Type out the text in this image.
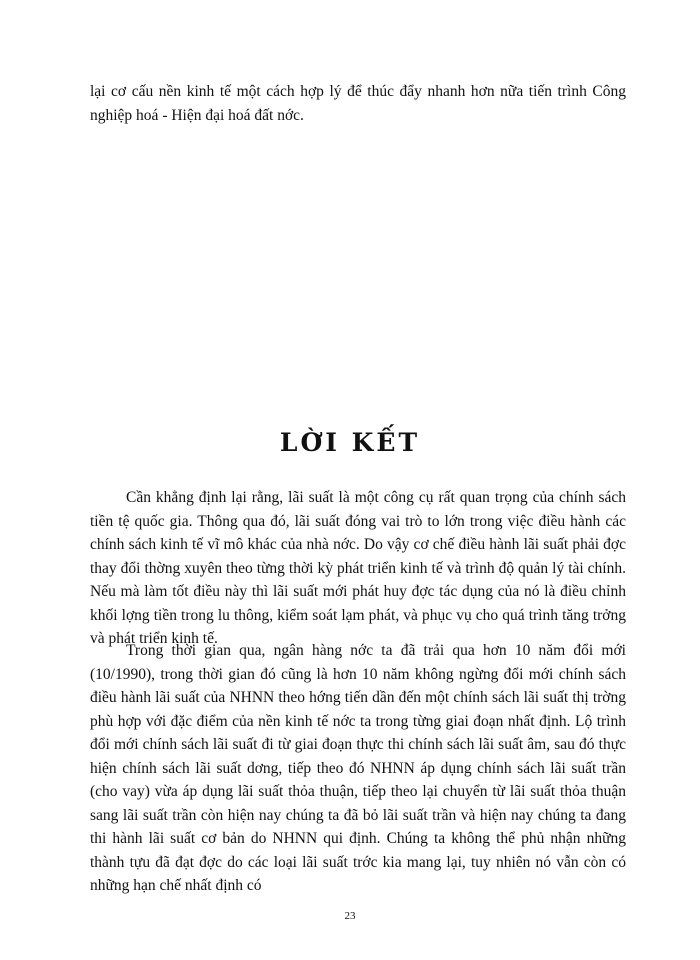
lại cơ cấu nền kinh tế một cách hợp lý để thúc đẩy nhanh hơn nữa tiến trình Công nghiệp hoá - Hiện đại hoá đất nớc.

LỜI KẾT

Cần khẳng định lại rằng, lãi suất là một công cụ rất quan trọng của chính sách tiền tệ quốc gia. Thông qua đó, lãi suất đóng vai trò to lớn trong việc điều hành các chính sách kinh tế vĩ mô khác của nhà nớc. Do vậy cơ chế điều hành lãi suất phải đợc thay đổi thờng xuyên theo từng thời kỳ phát triển kinh tế và trình độ quản lý tài chính. Nếu mà làm tốt điều này thì lãi suất mới phát huy đợc tác dụng của nó là điều chỉnh khối lợng tiền trong lu thông, kiểm soát lạm phát, và phục vụ cho quá trình tăng trởng và phát triển kinh tế.

Trong thời gian qua, ngân hàng nớc ta đã trải qua hơn 10 năm đổi mới (10/1990), trong thời gian đó cũng là hơn 10 năm không ngừng đổi mới chính sách điều hành lãi suất của NHNN theo hớng tiến dần đến một chính sách lãi suất thị trờng phù hợp với đặc điểm của nền kinh tế nớc ta trong từng giai đoạn nhất định. Lộ trình đổi mới chính sách lãi suất đi từ giai đoạn thực thi chính sách lãi suất âm, sau đó thực hiện chính sách lãi suất dơng, tiếp theo đó NHNN áp dụng chính sách lãi suất trần (cho vay) vừa áp dụng lãi suất thỏa thuận, tiếp theo lại chuyển từ lãi suất thỏa thuận sang lãi suất trần còn hiện nay chúng ta đã bỏ lãi suất trần và hiện nay chúng ta đang thi hành lãi suất cơ bản do NHNN qui định. Chúng ta không thể phủ nhận những thành tựu đã đạt đợc do các loại lãi suất trớc kia mang lại, tuy nhiên nó vẫn còn có những hạn chế nhất định có

23
